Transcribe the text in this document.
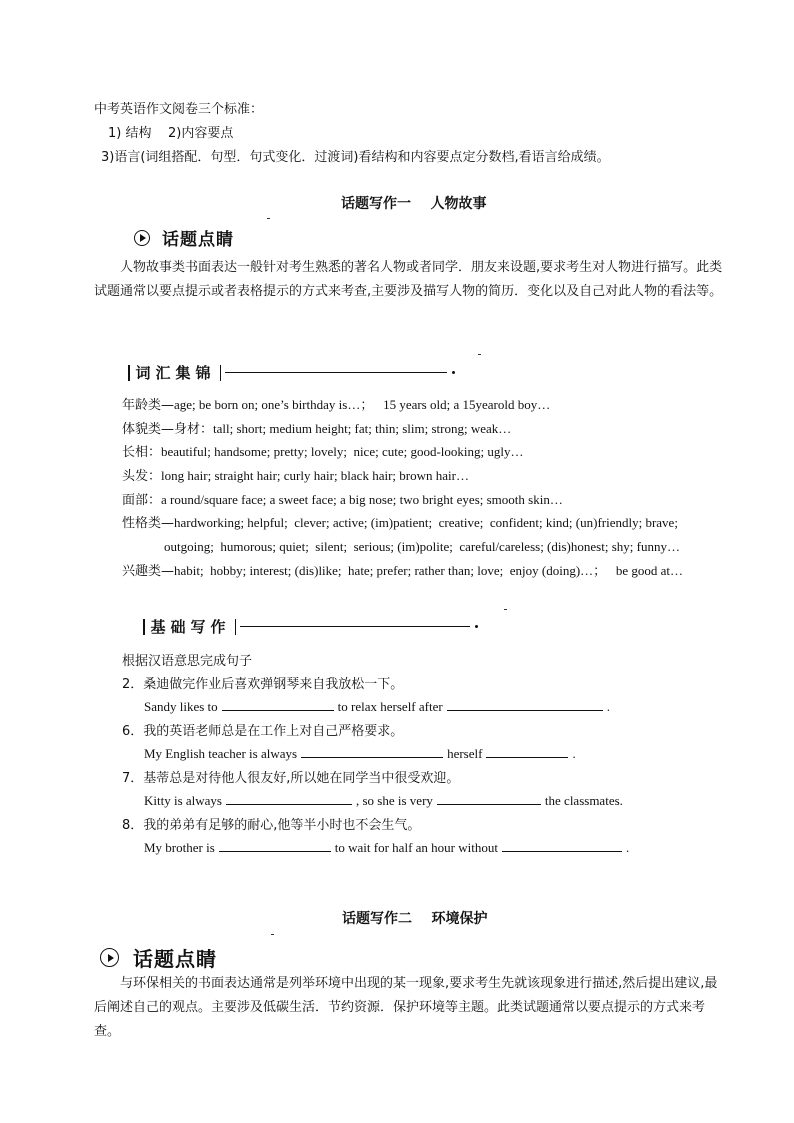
中考英语作文阅卷三个标准：
1) 结构    2)内容要点
3)语言(词组搭配．句型．句式变化．过渡词)看结构和内容要点定分数档,看语言给成绩。
话题写作一    人物故事
话题点睛
人物故事类书面表达一般针对考生熟悉的著名人物或者同学．朋友来设题,要求考生对人物进行描写。此类试题通常以要点提示或者表格提示的方式来考查,主要涉及描写人物的简历．变化以及自己对此人物的看法等。
词汇集锦
年龄类—age; be born on; one’s birthday is…；   15 years old; a 15yearold boy…
体貌类—身材：tall; short; medium height; fat; thin; slim; strong; weak…
长相：beautiful; handsome; pretty; lovely;  nice; cute; good-looking; ugly…
头发：long hair; straight hair; curly hair; black hair; brown hair…
面部：a round/square face; a sweet face; a big nose; two bright eyes; smooth skin…
性格类—hardworking; helpful;  clever; active; (im)patient;  creative;  confident; kind; (un)friendly; brave;
outgoing;  humorous; quiet;  silent;  serious; (im)polite;  careful/careless; (dis)honest; shy; funny…
兴趣类—habit;  hobby; interest; (dis)like;  hate; prefer; rather than; love;  enjoy (doing)…；   be good at…
基础写作
根据汉语意思完成句子
2．桑迪做完作业后喜欢弹钢琴来自我放松一下。
Sandy likes to	to relax herself after	.
6．我的英语老师总是在工作上对自己严格要求。
My English teacher is always	herself	.
7．基蒂总是对待他人很友好,所以她在同学当中很受欢迎。
Kitty is always	, so she is very	the classmates.
8．我的弟弟有足够的耐心,他等半小时也不会生气。
My brother is	to wait for half an hour without	.
话题写作二    环境保护
话题点睛
与环保相关的书面表达通常是列举环境中出现的某一现象,要求考生先就该现象进行描述,然后提出建议,最后阐述自己的观点。主要涉及低碳生活．节约资源．保护环境等主题。此类试题通常以要点提示的方式来考查。
